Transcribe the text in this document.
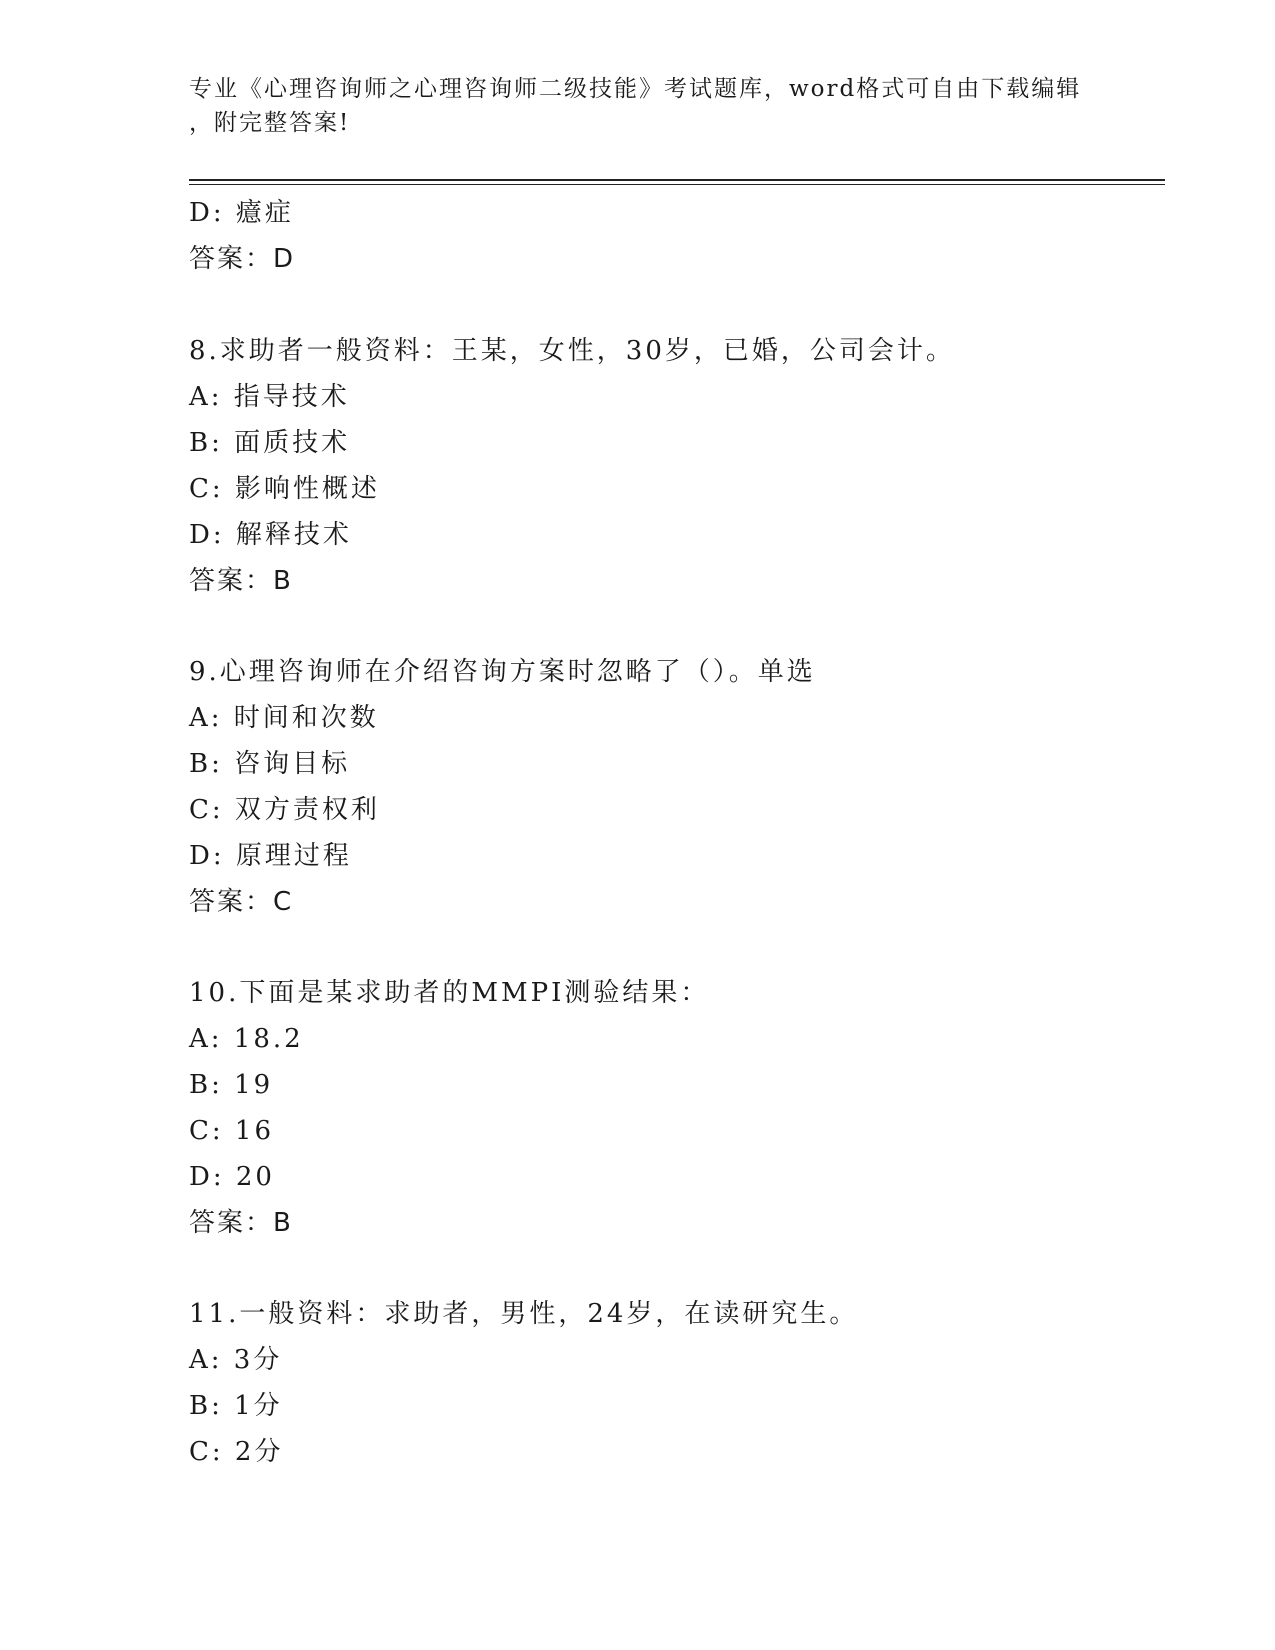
专业《心理咨询师之心理咨询师二级技能》考试题库，word格式可自由下载编辑
，附完整答案!
D: 癔症
答案：D
8.求助者一般资料：王某，女性，30岁，已婚，公司会计。
A: 指导技术
B: 面质技术
C: 影响性概述
D: 解释技术
答案：B
9.心理咨询师在介绍咨询方案时忽略了（）。单选
A: 时间和次数
B: 咨询目标
C: 双方责权利
D: 原理过程
答案：C
10.下面是某求助者的MMPI测验结果：
A: 18.2
B: 19
C: 16
D: 20
答案：B
11.一般资料：求助者，男性，24岁，在读研究生。
A: 3分
B: 1分
C: 2分
